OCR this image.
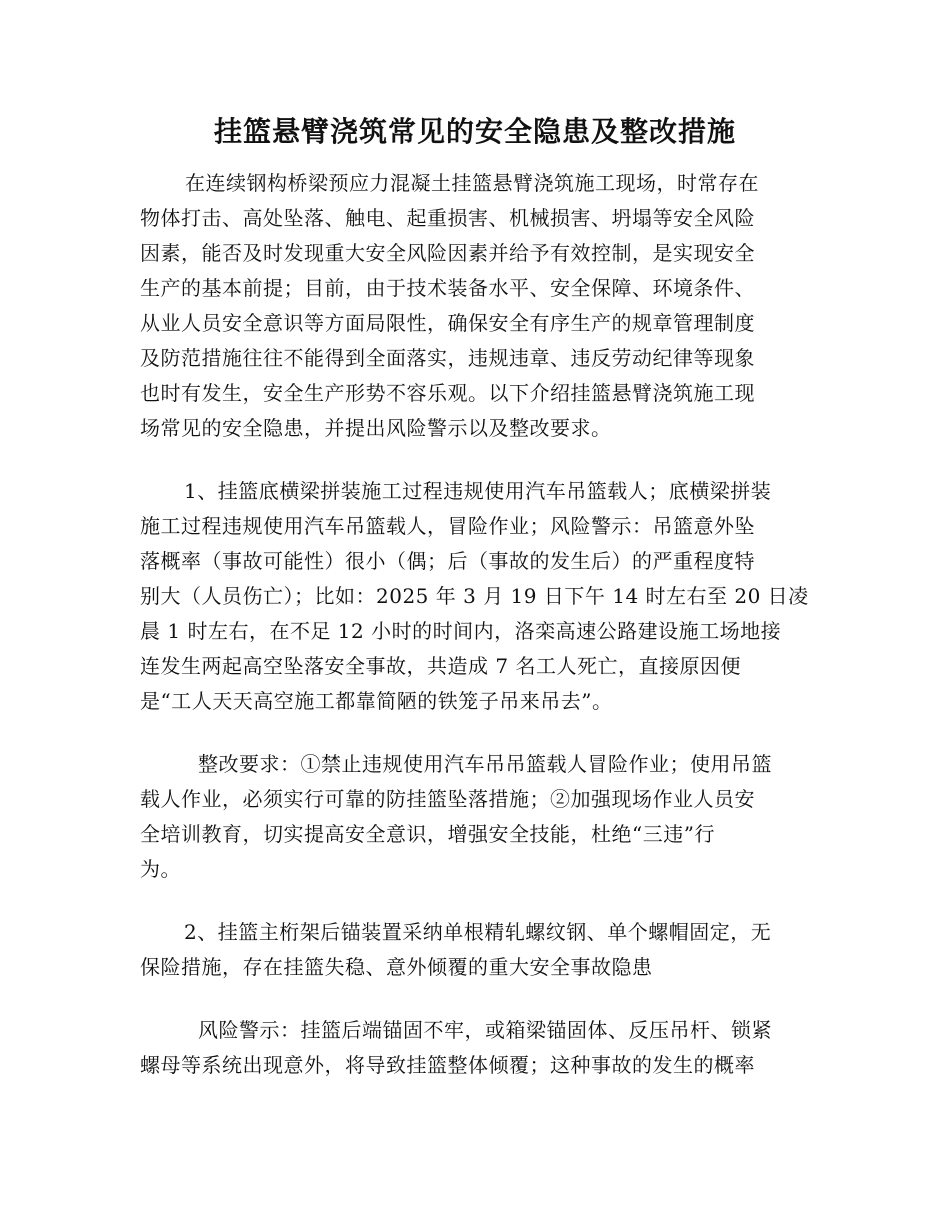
挂篮悬臂浇筑常见的安全隐患及整改措施
在连续钢构桥梁预应力混凝土挂篮悬臂浇筑施工现场，时常存在
物体打击、高处坠落、触电、起重损害、机械损害、坍塌等安全风险
因素，能否及时发现重大安全风险因素并给予有效控制，是实现安全
生产的基本前提；目前，由于技术装备水平、安全保障、环境条件、
从业人员安全意识等方面局限性，确保安全有序生产的规章管理制度
及防范措施往往不能得到全面落实，违规违章、违反劳动纪律等现象
也时有发生，安全生产形势不容乐观。以下介绍挂篮悬臂浇筑施工现
场常见的安全隐患，并提出风险警示以及整改要求。
1、挂篮底横梁拼装施工过程违规使用汽车吊篮载人；底横梁拼装
施工过程违规使用汽车吊篮载人，冒险作业；风险警示：吊篮意外坠
落概率（事故可能性）很小（偶；后（事故的发生后）的严重程度特
别大（人员伤亡）；比如：2025 年 3 月 19 日下午 14 时左右至 20 日凌
晨 1 时左右，在不足 12 小时的时间内，洛栾高速公路建设施工场地接
连发生两起高空坠落安全事故，共造成 7 名工人死亡，直接原因便
是“工人天天高空施工都靠简陋的铁笼子吊来吊去”。
整改要求：①禁止违规使用汽车吊吊篮载人冒险作业；使用吊篮
载人作业，必须实行可靠的防挂篮坠落措施；②加强现场作业人员安
全培训教育，切实提高安全意识，增强安全技能，杜绝“三违”行
为。
2、挂篮主桁架后锚装置采纳单根精轧螺纹钢、单个螺帽固定，无
保险措施，存在挂篮失稳、意外倾覆的重大安全事故隐患
风险警示：挂篮后端锚固不牢，或箱梁锚固体、反压吊杆、锁紧
螺母等系统出现意外，将导致挂篮整体倾覆；这种事故的发生的概率
